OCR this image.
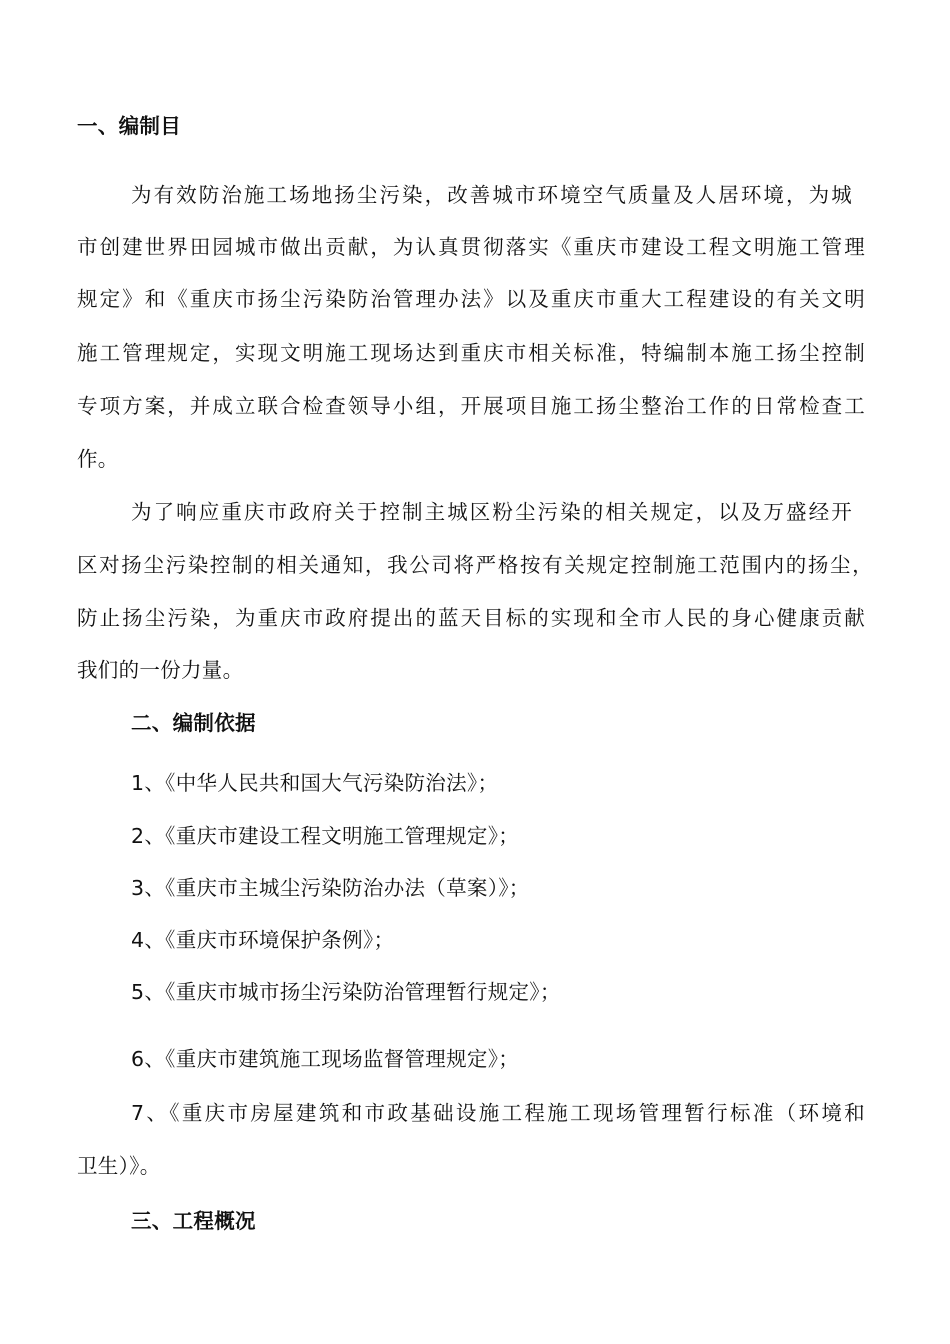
一、编制目
为有效防治施工场地扬尘污染，改善城市环境空气质量及人居环境，为城
市创建世界田园城市做出贡献，为认真贯彻落实《重庆市建设工程文明施工管理
规定》和《重庆市扬尘污染防治管理办法》以及重庆市重大工程建设的有关文明
施工管理规定，实现文明施工现场达到重庆市相关标准，特编制本施工扬尘控制
专项方案，并成立联合检查领导小组，开展项目施工扬尘整治工作的日常检查工
作。
为了响应重庆市政府关于控制主城区粉尘污染的相关规定，以及万盛经开
区对扬尘污染控制的相关通知，我公司将严格按有关规定控制施工范围内的扬尘，
防止扬尘污染，为重庆市政府提出的蓝天目标的实现和全市人民的身心健康贡献
我们的一份力量。
二、编制依据
1、《中华人民共和国大气污染防治法》；
2、《重庆市建设工程文明施工管理规定》；
3、《重庆市主城尘污染防治办法（草案）》；
4、《重庆市环境保护条例》；
5、《重庆市城市扬尘污染防治管理暂行规定》；
6、《重庆市建筑施工现场监督管理规定》；
7、《重庆市房屋建筑和市政基础设施工程施工现场管理暂行标准（环境和
卫生）》。
三、工程概况
